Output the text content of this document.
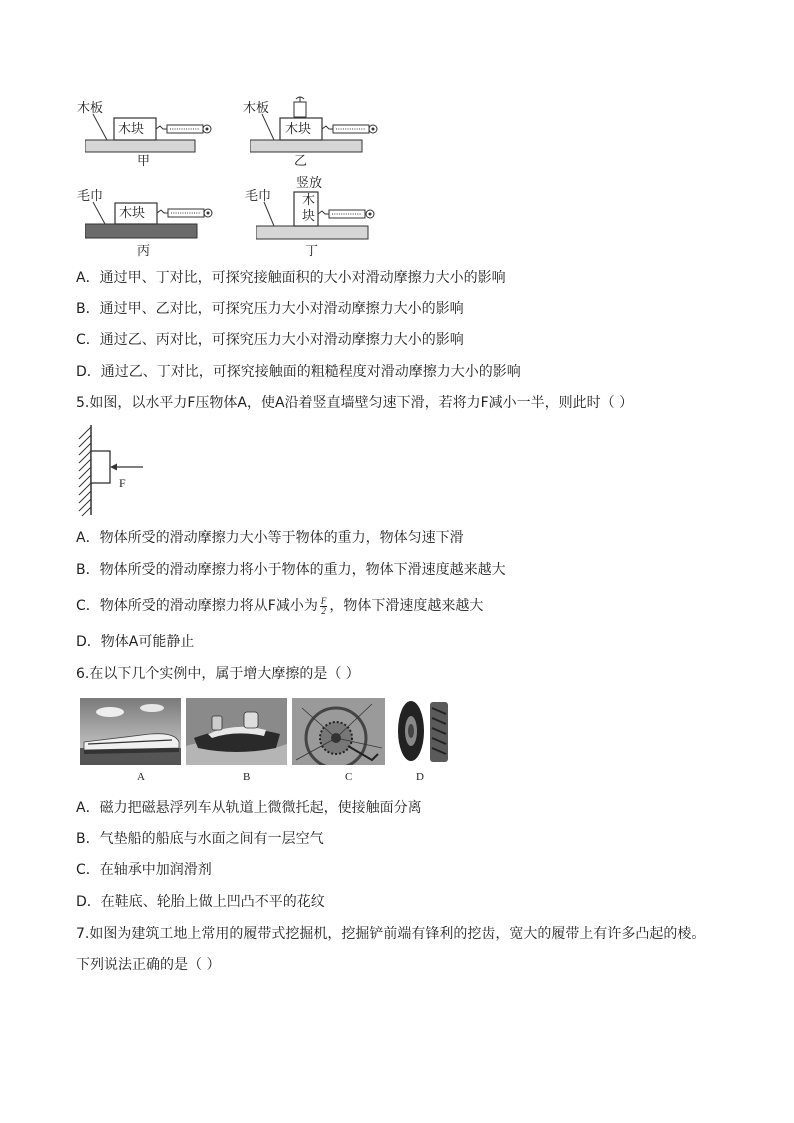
木板
木块
甲
木板
木块
乙
毛巾
木块
丙
毛巾
竖放
木
块
丁
A．通过甲、丁对比，可探究接触面积的大小对滑动摩擦力大小的影响
B．通过甲、乙对比，可探究压力大小对滑动摩擦力大小的影响
C．通过乙、丙对比，可探究压力大小对滑动摩擦力大小的影响
D．通过乙、丁对比，可探究接触面的粗糙程度对滑动摩擦力大小的影响
5.如图，以水平力F压物体A，使A沿着竖直墙壁匀速下滑，若将力F减小一半，则此时（ ）
F
A．物体所受的滑动摩擦力大小等于物体的重力，物体匀速下滑
B．物体所受的滑动摩擦力将小于物体的重力，物体下滑速度越来越大
C．物体所受的滑动摩擦力将从F减小为 $\frac{F}{2}$ ，物体下滑速度越来越大
D．物体A可能静止
6.在以下几个实例中，属于增大摩擦的是（ ）
A	B	C	D
A．磁力把磁悬浮列车从轨道上微微托起，使接触面分离
B．气垫船的船底与水面之间有一层空气
C．在轴承中加润滑剂
D．在鞋底、轮胎上做上凹凸不平的花纹
7.如图为建筑工地上常用的履带式挖掘机，挖掘铲前端有锋利的挖齿，宽大的履带上有许多凸起的棱。
下列说法正确的是（ ）
